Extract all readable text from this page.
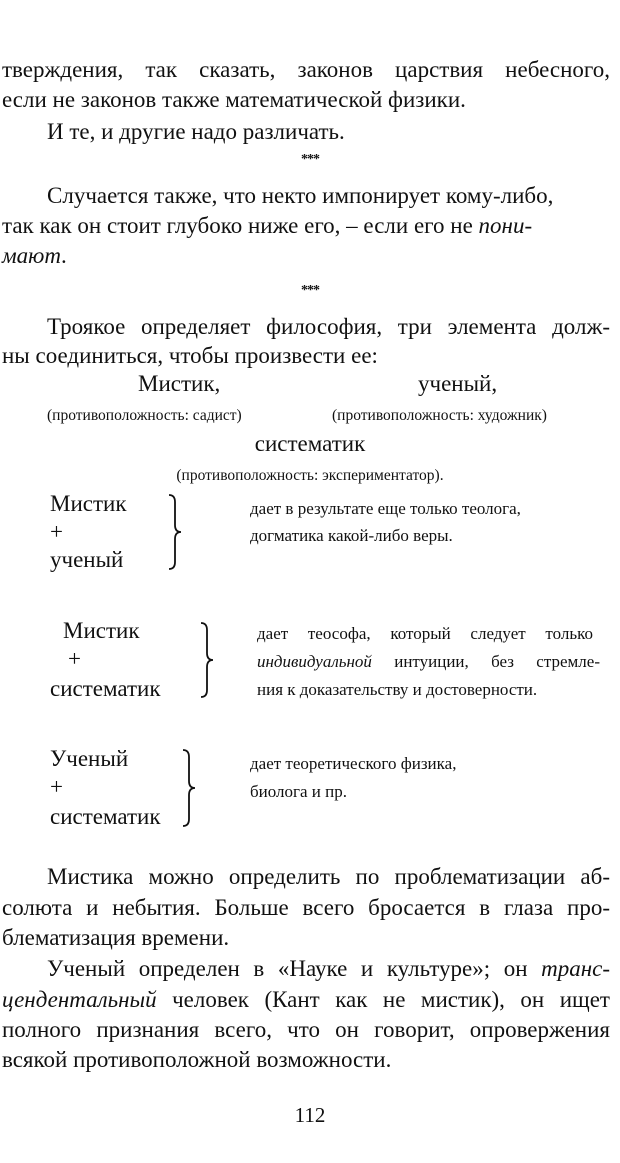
тверждения, так сказать, законов царствия небесного,
если не законов также математической физики.
И те, и другие надо различать.
***
Случается также, что некто импонирует кому-либо,
так как он стоит глубоко ниже его, – если его не пони-
мают.
***
Троякое определяет философия, три элемента долж-
ны соединиться, чтобы произвести ее:
Мистик,	ученый,
(противоположность: садист)	(противоположность: художник)
систематик
(противоположность: экспериментатор).
Мистик
+
ученый
дает в результате еще только теолога,
догматика какой-либо веры.
Мистик
+
систематик
дает теософа, который следует только
индивидуальной интуиции, без стремле-
ния к доказательству и достоверности.
Ученый
+
систематик
дает теоретического физика,
биолога и пр.
Мистика можно определить по проблематизации аб-
солюта и небытия. Больше всего бросается в глаза про-
блематизация времени.
Ученый определен в «Науке и культуре»; он транс-
цендентальный человек (Кант как не мистик), он ищет
полного признания всего, что он говорит, опровержения
всякой противоположной возможности.
112
